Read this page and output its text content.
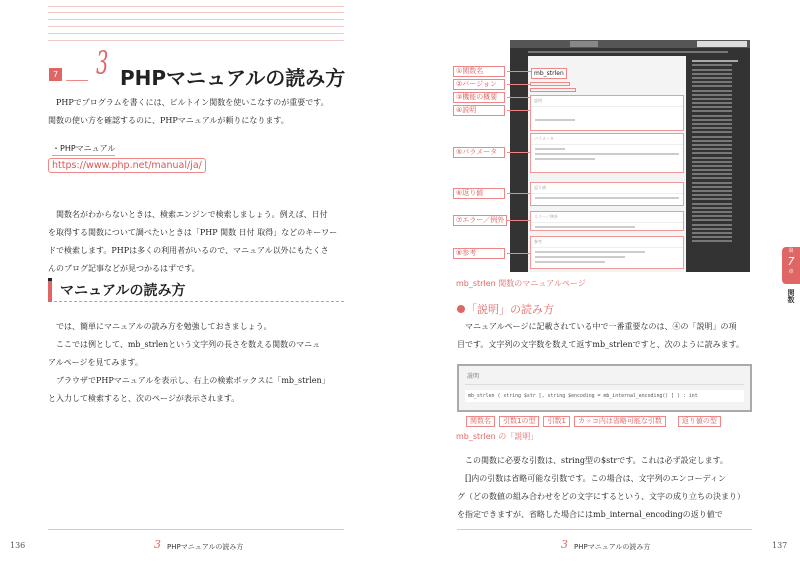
7 3 PHPマニュアルの読み方
PHPでプログラムを書くには、ビルトイン関数を使いこなすのが重要です。
関数の使い方を確認するのに、PHPマニュアルが頼りになります。
・PHPマニュアル
https://www.php.net/manual/ja/
関数名がわからないときは、検索エンジンで検索しましょう。例えば、日付
を取得する関数について調べたいときは「PHP 関数 日付 取得」などのキーワー
ドで検索します。PHPは多くの利用者がいるので、マニュアル以外にもたくさ
んのブログ記事などが見つかるはずです。
マニュアルの読み方
では、簡単にマニュアルの読み方を勉強しておきましょう。
ここでは例として、mb_strlenという文字列の長さを数える関数のマニュ
アルページを見てみます。
ブラウザでPHPマニュアルを表示し、右上の検索ボックスに「mb_strlen」
と入力して検索すると、次のページが表示されます。
136	3 PHPマニュアルの読み方
mb_strlen
説明
パラメータ
返り値
エラー／例外
参考
①関数名
②バージョン
③機能の概要
④説明
⑤パラメータ
⑥返り値
⑦エラー／例外
⑧参考
mb_strlen 関数のマニュアルページ
「説明」の読み方
マニュアルページに記載されている中で一番重要なのは、④の「説明」の項
目です。文字列の文字数を数えて返すmb_strlenですと、次のように読みます。
説明
mb_strlen ( string $str [, string $encoding = mb_internal_encoding() ] ) : int
関数名	引数1の型	引数1	カッコ内は省略可能な引数	返り値の型
mb_strlen の「説明」
この関数に必要な引数は、string型の$strです。これは必ず設定します。
[]内の引数は省略可能な引数です。この場合は、文字列のエンコーディン
グ（どの数値の組み合わせをどの文字にするという、文字の成り立ちの決まり）
を指定できますが、省略した場合にはmb_internal_encodingの返り値で
3 PHPマニュアルの読み方	137
第
7
章
関数
